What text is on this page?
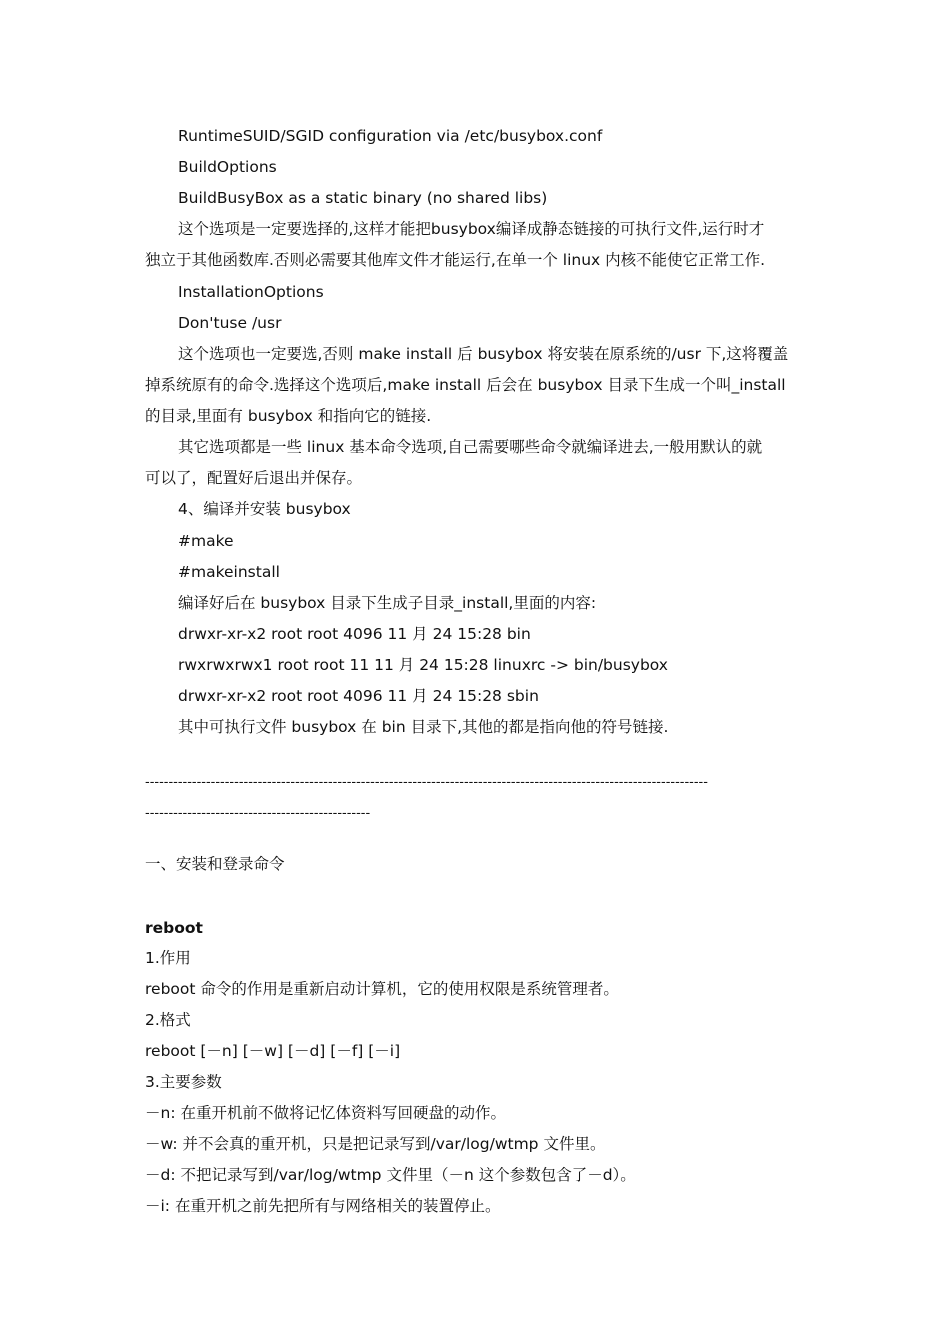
RuntimeSUID/SGID configuration via /etc/busybox.conf
BuildOptions
BuildBusyBox as a static binary (no shared libs)
这个选项是一定要选择的,这样才能把busybox编译成静态链接的可执行文件,运行时才
独立于其他函数库.否则必需要其他库文件才能运行,在单一个 linux 内核不能使它正常工作.
InstallationOptions
Don'tuse /usr
这个选项也一定要选,否则 make install 后 busybox 将安装在原系统的/usr 下,这将覆盖
掉系统原有的命令.选择这个选项后,make install 后会在 busybox 目录下生成一个叫_install
的目录,里面有 busybox 和指向它的链接.
其它选项都是一些 linux 基本命令选项,自己需要哪些命令就编译进去,一般用默认的就
可以了，配置好后退出并保存。
4、编译并安装 busybox
#make
#makeinstall
编译好后在 busybox 目录下生成子目录_install,里面的内容:
drwxr-xr-x2 root root 4096 11 月 24 15:28 bin
rwxrwxrwx1 root root 11 11 月 24 15:28 linuxrc -> bin/busybox
drwxr-xr-x2 root root 4096 11 月 24 15:28 sbin
其中可执行文件 busybox 在 bin 目录下,其他的都是指向他的符号链接.
------------------------------------------------------------------------------------------------------------------------
------------------------------------------------
一、安装和登录命令
reboot
1.作用
reboot 命令的作用是重新启动计算机，它的使用权限是系统管理者。
2.格式
reboot [－n] [－w] [－d] [－f] [－i]
3.主要参数
－n: 在重开机前不做将记忆体资料写回硬盘的动作。
－w: 并不会真的重开机，只是把记录写到/var/log/wtmp 文件里。
－d: 不把记录写到/var/log/wtmp 文件里（－n 这个参数包含了－d）。
－i: 在重开机之前先把所有与网络相关的装置停止。
